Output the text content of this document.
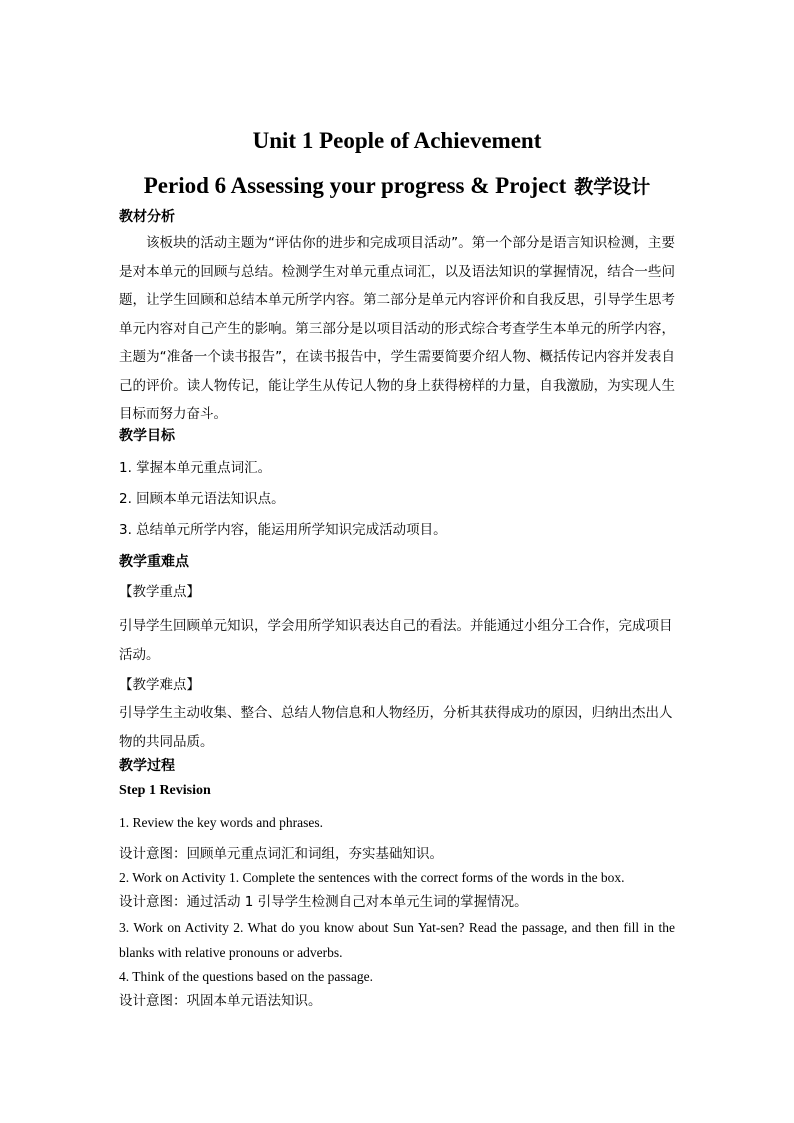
Unit 1 People of Achievement
Period 6 Assessing your progress & Project 教学设计
教材分析
该板块的活动主题为“评估你的进步和完成项目活动”。第一个部分是语言知识检测，主要是对本单元的回顾与总结。检测学生对单元重点词汇，以及语法知识的掌握情况，结合一些问题，让学生回顾和总结本单元所学内容。第二部分是单元内容评价和自我反思，引导学生思考单元内容对自己产生的影响。第三部分是以项目活动的形式综合考查学生本单元的所学内容，主题为“准备一个读书报告”，在读书报告中，学生需要简要介绍人物、概括传记内容并发表自己的评价。读人物传记，能让学生从传记人物的身上获得榜样的力量，自我激励，为实现人生目标而努力奋斗。
教学目标
1. 掌握本单元重点词汇。
2. 回顾本单元语法知识点。
3. 总结单元所学内容，能运用所学知识完成活动项目。
教学重难点
【教学重点】
引导学生回顾单元知识，学会用所学知识表达自己的看法。并能通过小组分工合作，完成项目活动。
【教学难点】
引导学生主动收集、整合、总结人物信息和人物经历，分析其获得成功的原因，归纳出杰出人物的共同品质。
教学过程
Step 1 Revision
1. Review the key words and phrases.
设计意图：回顾单元重点词汇和词组，夯实基础知识。
2. Work on Activity 1. Complete the sentences with the correct forms of the words in the box.
设计意图：通过活动 1 引导学生检测自己对本单元生词的掌握情况。
3. Work on Activity 2. What do you know about Sun Yat-sen? Read the passage, and then fill in the blanks with relative pronouns or adverbs.
4. Think of the questions based on the passage.
设计意图：巩固本单元语法知识。
